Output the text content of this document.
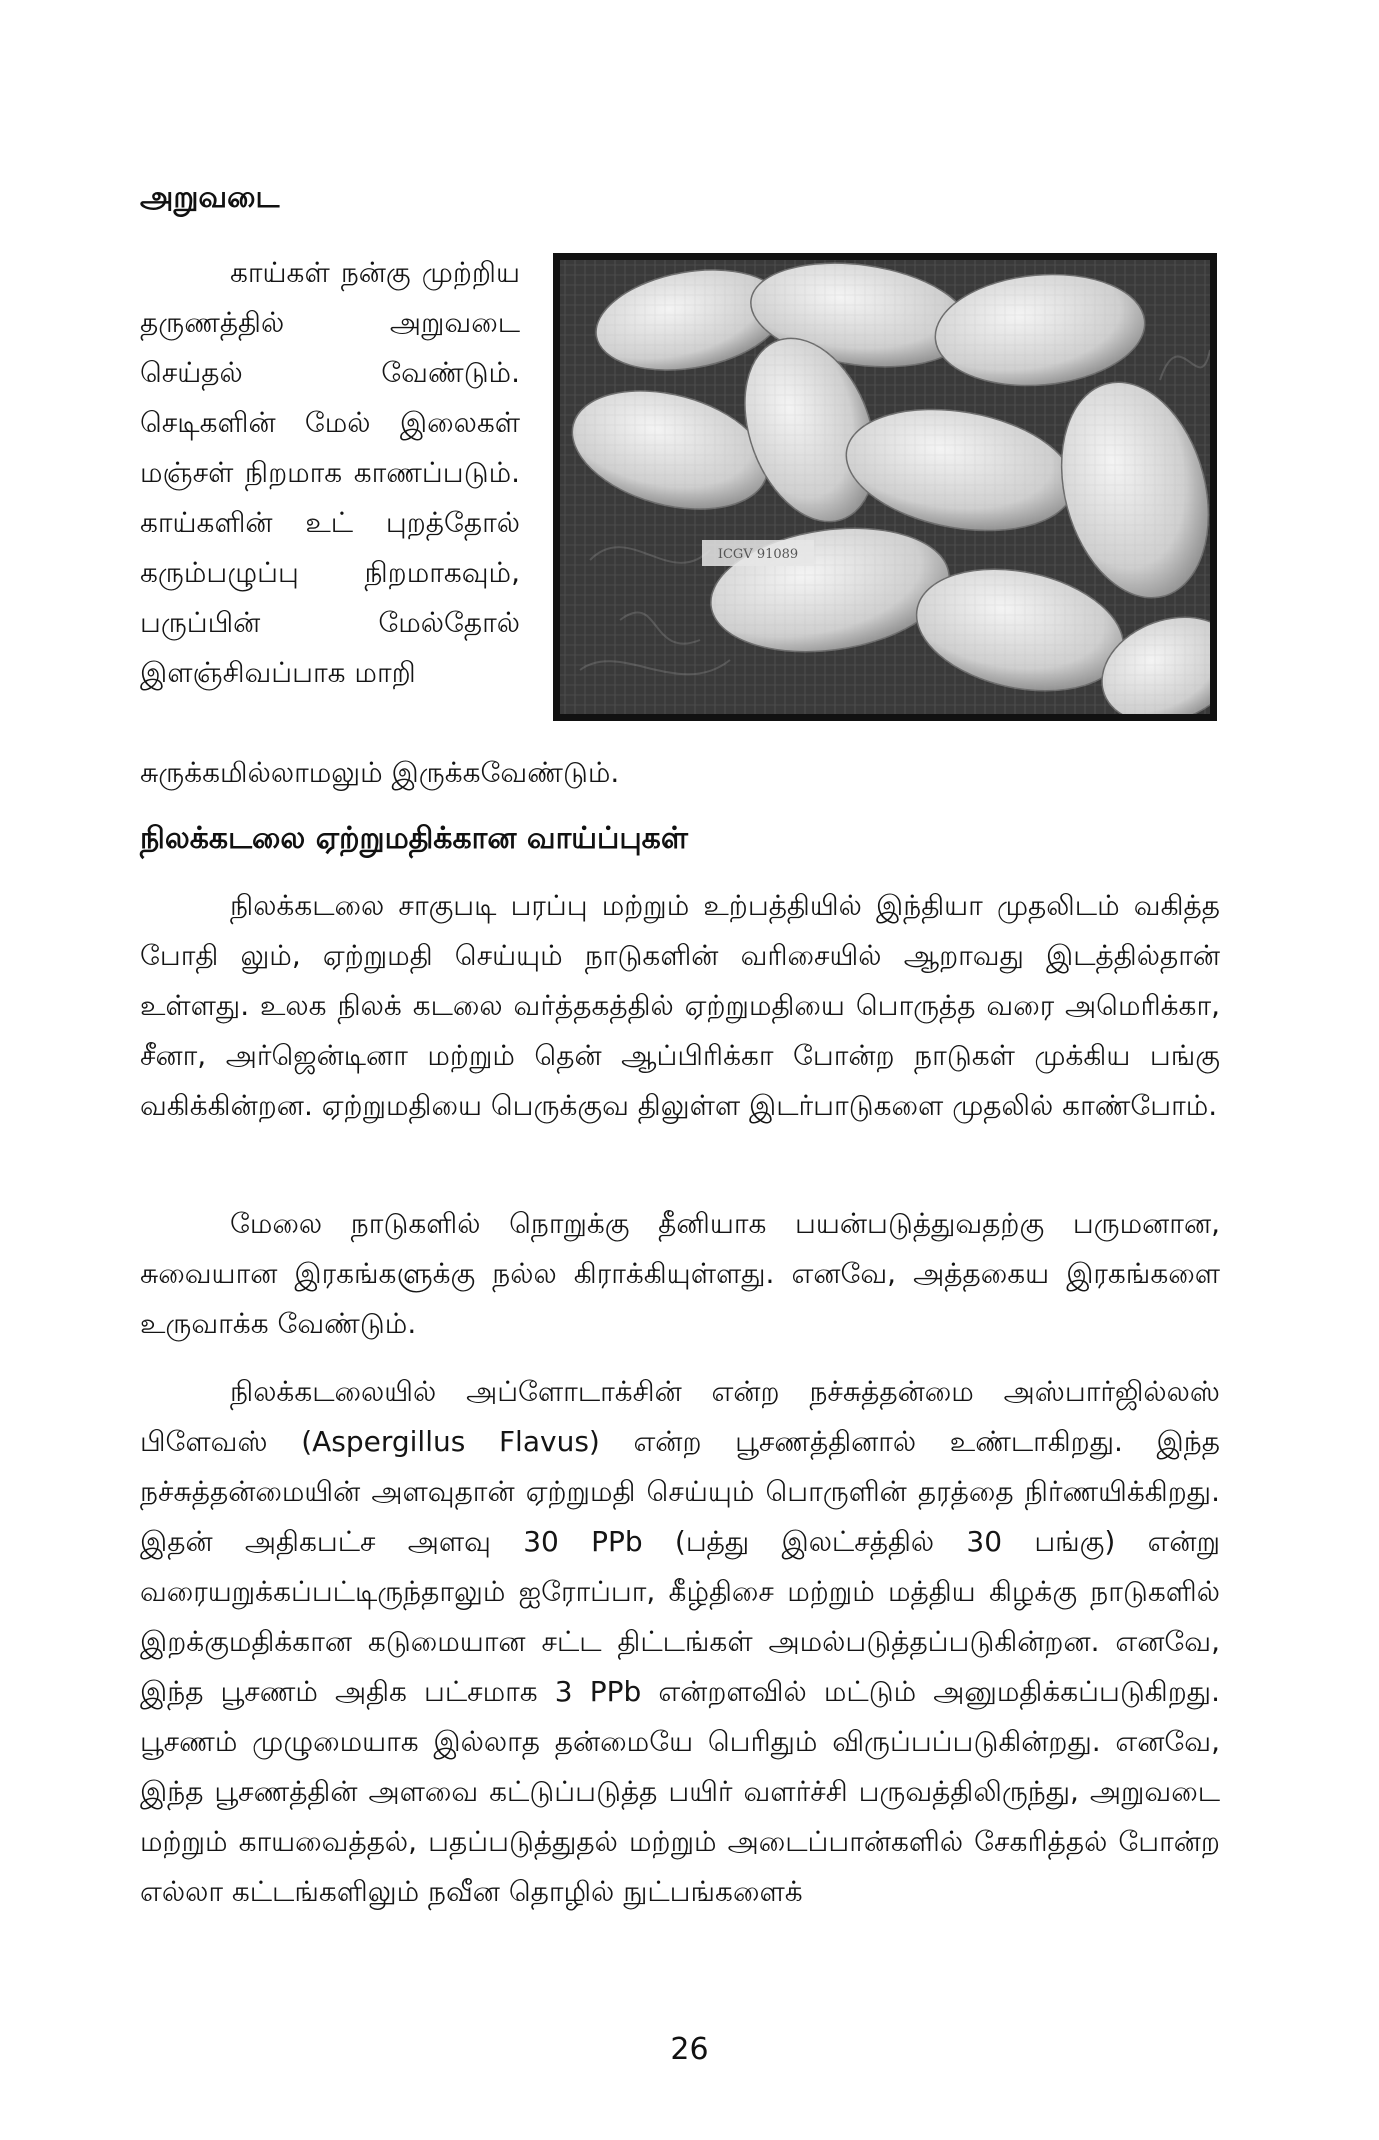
அறுவடை

காய்கள் நன்கு முற்றிய தருணத்தில் அறுவடை செய்தல் வேண்டும். செடிகளின் மேல் இலைகள் மஞ்சள் நிறமாக காணப்படும். காய்களின் உட் புறத்தோல் கரும்பழுப்பு நிறமாகவும், பருப்பின் மேல்தோல் இளஞ்சிவப்பாக மாறி

ICGV 91089

சுருக்கமில்லாமலும் இருக்கவேண்டும்.

நிலக்கடலை ஏற்றுமதிக்கான வாய்ப்புகள்

நிலக்கடலை சாகுபடி பரப்பு மற்றும் உற்பத்தியில் இந்தியா முதலிடம் வகித்த போதி லும், ஏற்றுமதி செய்யும் நாடுகளின் வரிசையில் ஆறாவது இடத்தில்தான் உள்ளது. உலக நிலக் கடலை வர்த்தகத்தில் ஏற்றுமதியை பொருத்த வரை அமெரிக்கா, சீனா, அர்ஜென்டினா மற்றும் தென் ஆப்பிரிக்கா போன்ற நாடுகள் முக்கிய பங்கு வகிக்கின்றன. ஏற்றுமதியை பெருக்குவ திலுள்ள இடர்பாடுகளை முதலில் காண்போம்.

மேலை நாடுகளில் நொறுக்கு தீனியாக பயன்படுத்துவதற்கு பருமனான, சுவையான இரகங்களுக்கு நல்ல கிராக்கியுள்ளது. எனவே, அத்தகைய இரகங்களை உருவாக்க வேண்டும்.

நிலக்கடலையில் அப்ளோடாக்சின் என்ற நச்சுத்தன்மை அஸ்பார்ஜில்லஸ் பிளேவஸ் (Aspergillus Flavus) என்ற பூசணத்தினால் உண்டாகிறது. இந்த நச்சுத்தன்மையின் அளவுதான் ஏற்றுமதி செய்யும் பொருளின் தரத்தை நிர்ணயிக்கிறது. இதன் அதிகபட்ச அளவு 30 PPb (பத்து இலட்சத்தில் 30 பங்கு) என்று வரையறுக்கப்பட்டிருந்தாலும் ஐரோப்பா, கீழ்திசை மற்றும் மத்திய கிழக்கு நாடுகளில் இறக்குமதிக்கான கடுமையான சட்ட திட்டங்கள் அமல்படுத்தப்படுகின்றன. எனவே, இந்த பூசணம் அதிக பட்சமாக 3 PPb என்றளவில் மட்டும் அனுமதிக்கப்படுகிறது. பூசணம் முழுமையாக இல்லாத தன்மையே பெரிதும் விருப்பப்படுகின்றது. எனவே, இந்த பூசணத்தின் அளவை கட்டுப்படுத்த பயிர் வளர்ச்சி பருவத்திலிருந்து, அறுவடை மற்றும் காயவைத்தல், பதப்படுத்துதல் மற்றும் அடைப்பான்களில் சேகரித்தல் போன்ற எல்லா கட்டங்களிலும் நவீன தொழில் நுட்பங்களைக்

26
